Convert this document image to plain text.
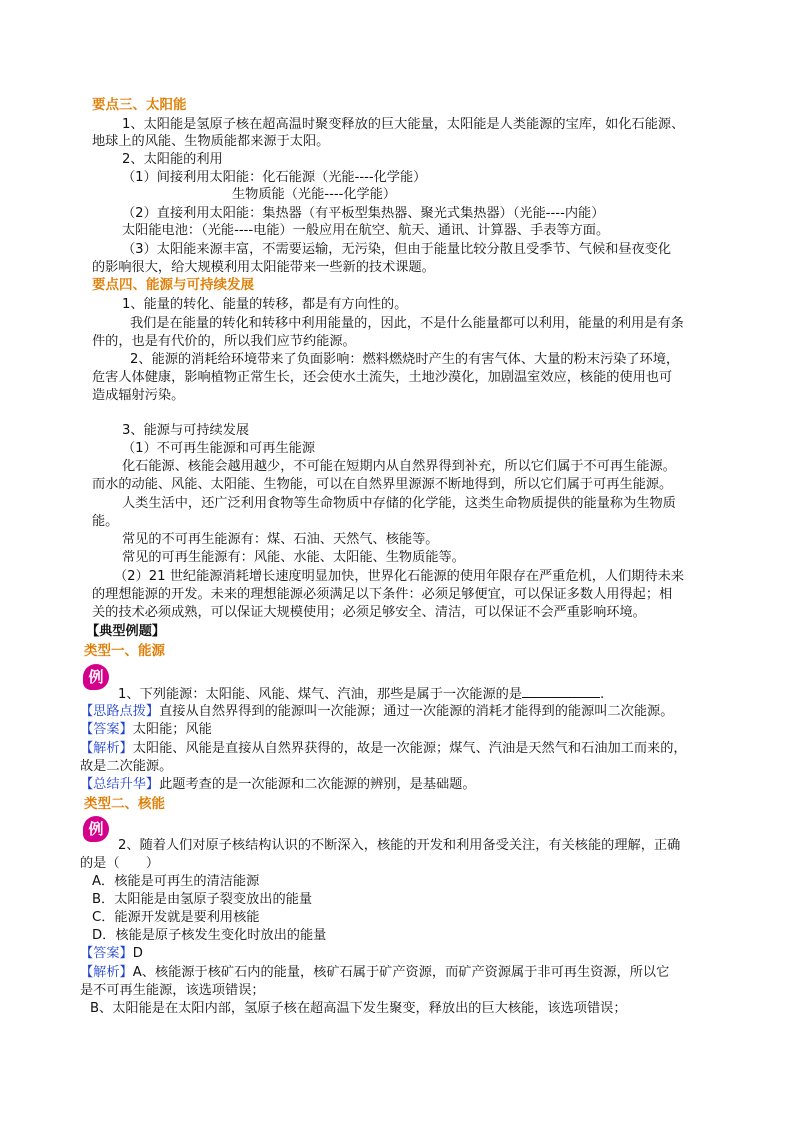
要点三、太阳能
1、太阳能是氢原子核在超高温时聚变释放的巨大能量，太阳能是人类能源的宝库，如化石能源、
地球上的风能、生物质能都来源于太阳。
2、太阳能的利用
（1）间接利用太阳能：化石能源（光能----化学能）
生物质能（光能----化学能）
（2）直接利用太阳能：集热器（有平板型集热器、聚光式集热器）（光能----内能）
太阳能电池：（光能----电能）一般应用在航空、航天、通讯、计算器、手表等方面。
（3）太阳能来源丰富，不需要运输，无污染，但由于能量比较分散且受季节、气候和昼夜变化
的影响很大，给大规模利用太阳能带来一些新的技术课题。
要点四、能源与可持续发展
1、能量的转化、能量的转移，都是有方向性的。
我们是在能量的转化和转移中利用能量的，因此，不是什么能量都可以利用，能量的利用是有条
件的，也是有代价的，所以我们应节约能源。
2、能源的消耗给环境带来了负面影响：燃料燃烧时产生的有害气体、大量的粉末污染了环境，
危害人体健康，影响植物正常生长，还会使水土流失，土地沙漠化，加剧温室效应，核能的使用也可
造成辐射污染。
3、能源与可持续发展
（1）不可再生能源和可再生能源
化石能源、核能会越用越少，不可能在短期内从自然界得到补充，所以它们属于不可再生能源。
而水的动能、风能、太阳能、生物能，可以在自然界里源源不断地得到，所以它们属于可再生能源。
人类生活中，还广泛利用食物等生命物质中存储的化学能，这类生命物质提供的能量称为生物质
能。
常见的不可再生能源有：煤、石油、天然气、核能等。
常见的可再生能源有：风能、水能、太阳能、生物质能等。
（2）21 世纪能源消耗增长速度明显加快，世界化石能源的使用年限存在严重危机，人们期待未来
的理想能源的开发。未来的理想能源必须满足以下条件：必须足够便宜，可以保证多数人用得起；相
关的技术必须成熟，可以保证大规模使用；必须足够安全、清洁，可以保证不会严重影响环境。
【典型例题】
类型一、能源
例
1、下列能源：太阳能、风能、煤气、汽油，那些是属于一次能源的是	.
【思路点拨】直接从自然界得到的能源叫一次能源；通过一次能源的消耗才能得到的能源叫二次能源。
【答案】太阳能；风能
【解析】太阳能、风能是直接从自然界获得的，故是一次能源；煤气、汽油是天然气和石油加工而来的，
故是二次能源。
【总结升华】此题考查的是一次能源和二次能源的辨别，是基础题。
类型二、核能
例
2、随着人们对原子核结构认识的不断深入，核能的开发和利用备受关注，有关核能的理解，正确
的是（　　）
A．核能是可再生的清洁能源
B．太阳能是由氢原子裂变放出的能量
C．能源开发就是要利用核能
D．核能是原子核发生变化时放出的能量
【答案】D
【解析】A、核能源于核矿石内的能量，核矿石属于矿产资源，而矿产资源属于非可再生资源，所以它
是不可再生能源，该选项错误；
B、太阳能是在太阳内部，氢原子核在超高温下发生聚变，释放出的巨大核能，该选项错误；
